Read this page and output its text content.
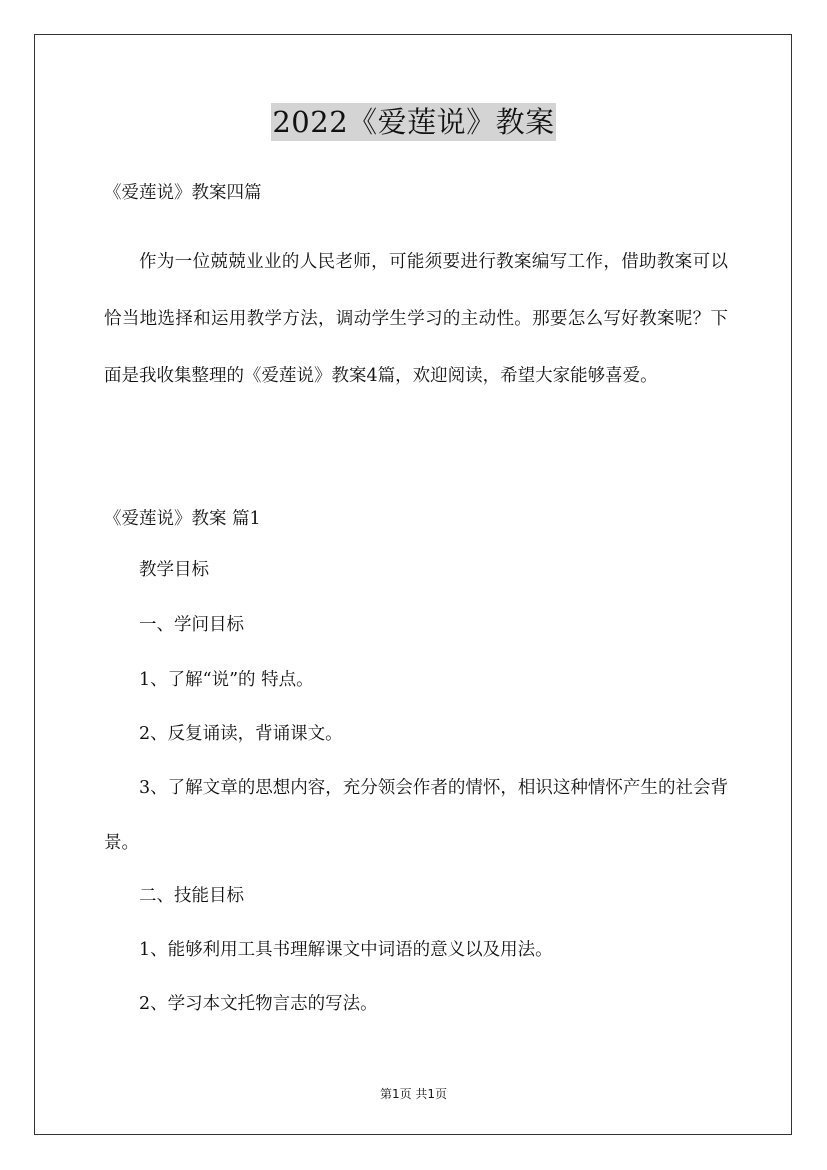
2022《爱莲说》教案
《爱莲说》教案四篇

作为一位兢兢业业的人民老师，可能须要进行教案编写工作，借助教案可以恰当地选择和运用教学方法，调动学生学习的主动性。那要怎么写好教案呢？下面是我收集整理的《爱莲说》教案4篇，欢迎阅读，希望大家能够喜爱。

《爱莲说》教案 篇1

教学目标

一、学问目标

1、了解“说”的 特点。

2、反复诵读，背诵课文。

3、了解文章的思想内容，充分领会作者的情怀，相识这种情怀产生的社会背景。

二、技能目标

1、能够利用工具书理解课文中词语的意义以及用法。

2、学习本文托物言志的写法。

第1页 共1页
